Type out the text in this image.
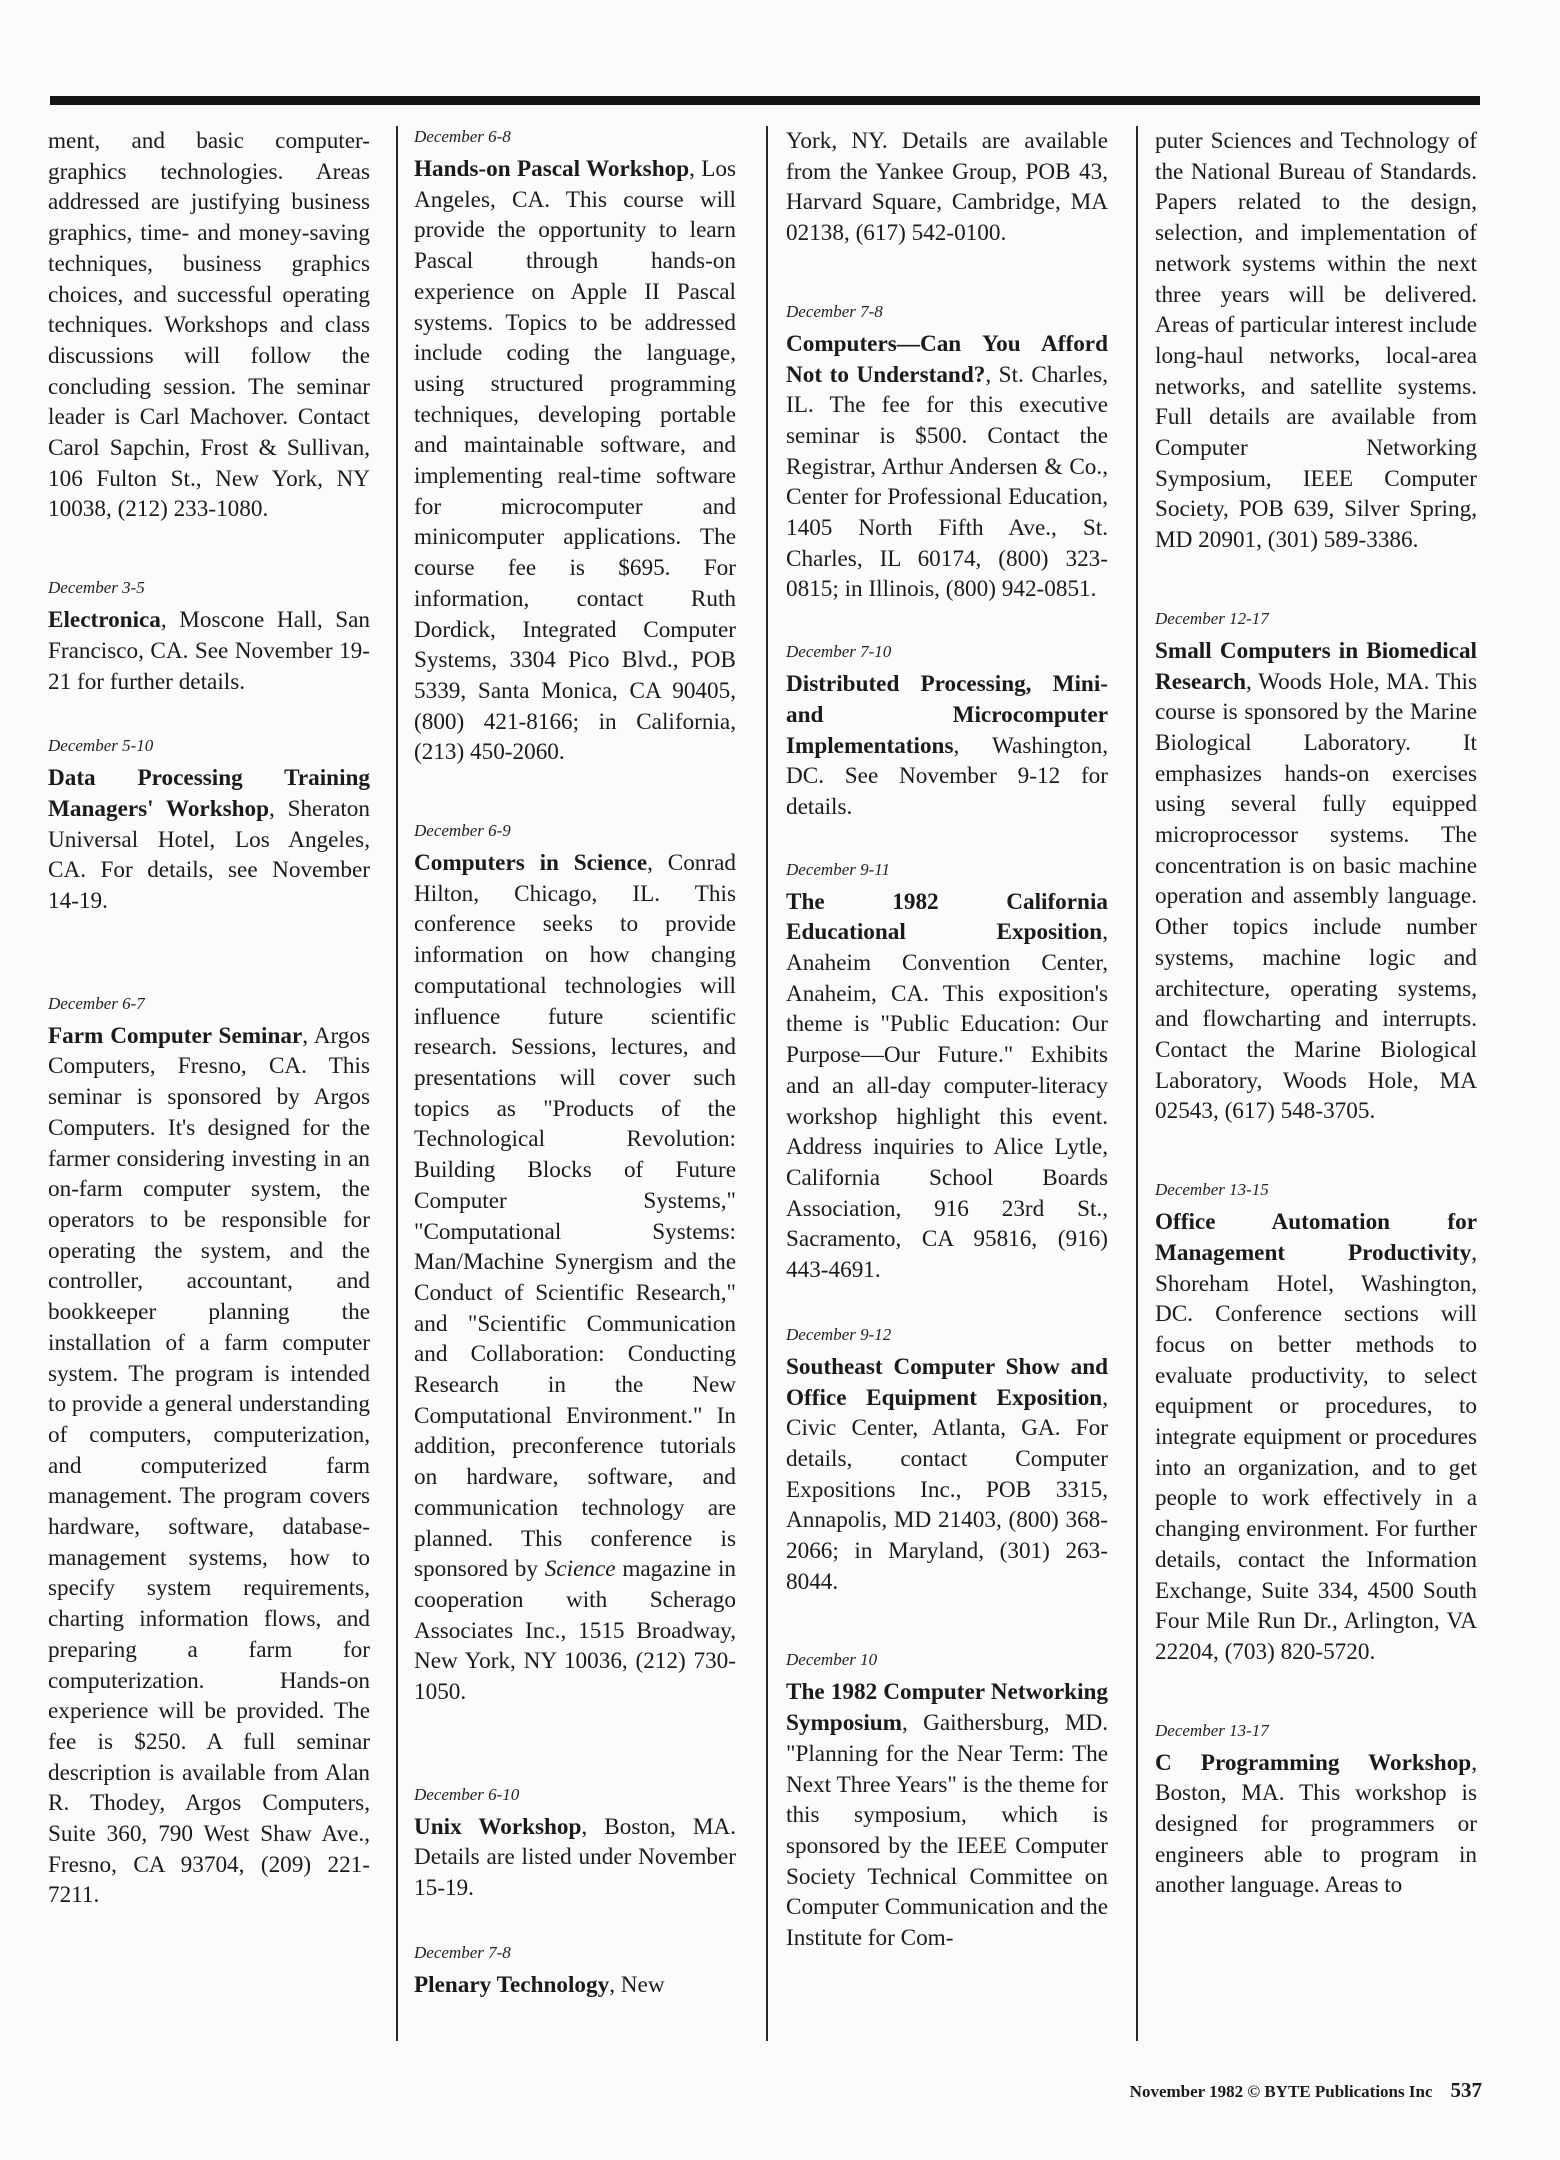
ment, and basic computer-graphics technologies. Areas addressed are justifying business graphics, time- and money-saving techniques, business graphics choices, and successful operating techniques. Workshops and class discussions will follow the concluding session. The seminar leader is Carl Machover. Contact Carol Sapchin, Frost & Sullivan, 106 Fulton St., New York, NY 10038, (212) 233-1080.

December 3-5

Electronica, Moscone Hall, San Francisco, CA. See November 19-21 for further details.

December 5-10

Data Processing Training Managers' Workshop, Sheraton Universal Hotel, Los Angeles, CA. For details, see November 14-19.

December 6-7

Farm Computer Seminar, Argos Computers, Fresno, CA. This seminar is sponsored by Argos Computers. It's designed for the farmer considering investing in an on-farm computer system, the operators to be responsible for operating the system, and the controller, accountant, and bookkeeper planning the installation of a farm computer system. The program is intended to provide a general understanding of computers, computerization, and computerized farm management. The program covers hardware, software, database-management systems, how to specify system requirements, charting information flows, and preparing a farm for computerization. Hands-on experience will be provided. The fee is $250. A full seminar description is available from Alan R. Thodey, Argos Computers, Suite 360, 790 West Shaw Ave., Fresno, CA 93704, (209) 221-7211.

December 6-8

Hands-on Pascal Workshop, Los Angeles, CA. This course will provide the opportunity to learn Pascal through hands-on experience on Apple II Pascal systems. Topics to be addressed include coding the language, using structured programming techniques, developing portable and maintainable software, and implementing real-time software for microcomputer and minicomputer applications. The course fee is $695. For information, contact Ruth Dordick, Integrated Computer Systems, 3304 Pico Blvd., POB 5339, Santa Monica, CA 90405, (800) 421-8166; in California, (213) 450-2060.

December 6-9

Computers in Science, Conrad Hilton, Chicago, IL. This conference seeks to provide information on how changing computational technologies will influence future scientific research. Sessions, lectures, and presentations will cover such topics as "Products of the Technological Revolution: Building Blocks of Future Computer Systems," "Computational Systems: Man/Machine Synergism and the Conduct of Scientific Research," and "Scientific Communication and Collaboration: Conducting Research in the New Computational Environment." In addition, preconference tutorials on hardware, software, and communication technology are planned. This conference is sponsored by Science magazine in cooperation with Scherago Associates Inc., 1515 Broadway, New York, NY 10036, (212) 730-1050.

December 6-10

Unix Workshop, Boston, MA. Details are listed under November 15-19.

December 7-8

Plenary Technology, New

York, NY. Details are available from the Yankee Group, POB 43, Harvard Square, Cambridge, MA 02138, (617) 542-0100.

December 7-8

Computers—Can You Afford Not to Understand?, St. Charles, IL. The fee for this executive seminar is $500. Contact the Registrar, Arthur Andersen & Co., Center for Professional Education, 1405 North Fifth Ave., St. Charles, IL 60174, (800) 323-0815; in Illinois, (800) 942-0851.

December 7-10

Distributed Processing, Mini- and Microcomputer Implementations, Washington, DC. See November 9-12 for details.

December 9-11

The 1982 California Educational Exposition, Anaheim Convention Center, Anaheim, CA. This exposition's theme is "Public Education: Our Purpose—Our Future." Exhibits and an all-day computer-literacy workshop highlight this event. Address inquiries to Alice Lytle, California School Boards Association, 916 23rd St., Sacramento, CA 95816, (916) 443-4691.

December 9-12

Southeast Computer Show and Office Equipment Exposition, Civic Center, Atlanta, GA. For details, contact Computer Expositions Inc., POB 3315, Annapolis, MD 21403, (800) 368-2066; in Maryland, (301) 263-8044.

December 10

The 1982 Computer Networking Symposium, Gaithersburg, MD. "Planning for the Near Term: The Next Three Years" is the theme for this symposium, which is sponsored by the IEEE Computer Society Technical Committee on Computer Communication and the Institute for Com-

puter Sciences and Technology of the National Bureau of Standards. Papers related to the design, selection, and implementation of network systems within the next three years will be delivered. Areas of particular interest include long-haul networks, local-area networks, and satellite systems. Full details are available from Computer Networking Symposium, IEEE Computer Society, POB 639, Silver Spring, MD 20901, (301) 589-3386.

December 12-17

Small Computers in Biomedical Research, Woods Hole, MA. This course is sponsored by the Marine Biological Laboratory. It emphasizes hands-on exercises using several fully equipped microprocessor systems. The concentration is on basic machine operation and assembly language. Other topics include number systems, machine logic and architecture, operating systems, and flowcharting and interrupts. Contact the Marine Biological Laboratory, Woods Hole, MA 02543, (617) 548-3705.

December 13-15

Office Automation for Management Productivity, Shoreham Hotel, Washington, DC. Conference sections will focus on better methods to evaluate productivity, to select equipment or procedures, to integrate equipment or procedures into an organization, and to get people to work effectively in a changing environment. For further details, contact the Information Exchange, Suite 334, 4500 South Four Mile Run Dr., Arlington, VA 22204, (703) 820-5720.

December 13-17

C Programming Workshop, Boston, MA. This workshop is designed for programmers or engineers able to program in another language. Areas to

November 1982 © BYTE Publications Inc 537
